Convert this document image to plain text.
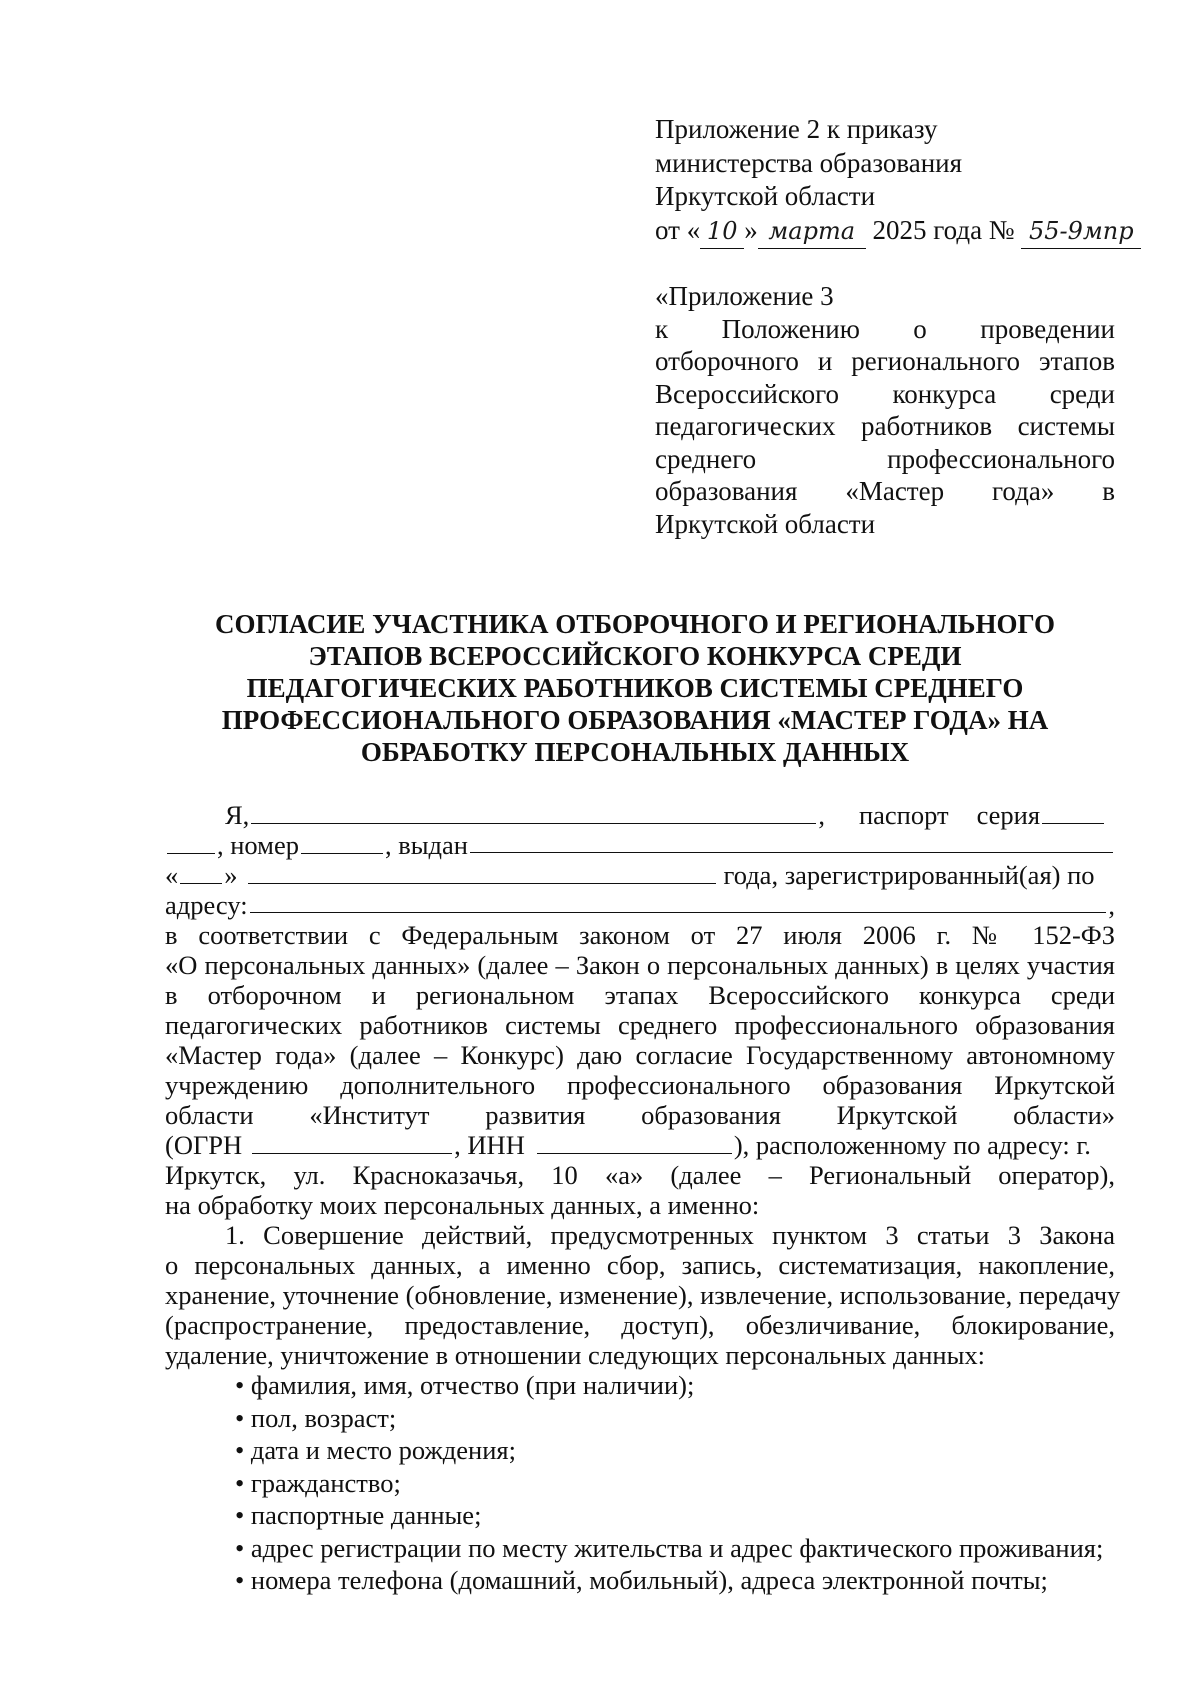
Приложение 2 к приказу
министерства образования
Иркутской области
от « 10 » марта 2025 года № 55-9мпр
«Приложение 3
к Положению о проведении
отборочного и регионального этапов
Всероссийского конкурса среди
педагогических работников системы
среднего профессионального
образования «Мастер года» в
Иркутской области
СОГЛАСИЕ УЧАСТНИКА ОТБОРОЧНОГО И РЕГИОНАЛЬНОГО
ЭТАПОВ ВСЕРОССИЙСКОГО КОНКУРСА СРЕДИ
ПЕДАГОГИЧЕСКИХ РАБОТНИКОВ СИСТЕМЫ СРЕДНЕГО
ПРОФЕССИОНАЛЬНОГО ОБРАЗОВАНИЯ «МАСТЕР ГОДА» НА
ОБРАБОТКУ ПЕРСОНАЛЬНЫХ ДАННЫХ
Я,	, паспорт серия
, номер	, выдан
« »	года, зарегистрированный(ая) по
адресу:	,
в соответствии с Федеральным законом от 27 июля 2006 г. № 152-ФЗ
«О персональных данных» (далее – Закон о персональных данных) в целях участия
в отборочном и региональном этапах Всероссийского конкурса среди
педагогических работников системы среднего профессионального образования
«Мастер года» (далее – Конкурс) даю согласие Государственному автономному
учреждению дополнительного профессионального образования Иркутской
области «Институт развития образования Иркутской области»
(ОГРН	, ИНН	), расположенному по адресу: г.
Иркутск, ул. Красноказачья, 10 «а» (далее – Региональный оператор),
на обработку моих персональных данных, а именно:
1. Совершение действий, предусмотренных пунктом 3 статьи 3 Закона
о персональных данных, а именно сбор, запись, систематизация, накопление,
хранение, уточнение (обновление, изменение), извлечение, использование, передачу
(распространение, предоставление, доступ), обезличивание, блокирование,
удаление, уничтожение в отношении следующих персональных данных:
• фамилия, имя, отчество (при наличии);
• пол, возраст;
• дата и место рождения;
• гражданство;
• паспортные данные;
• адрес регистрации по месту жительства и адрес фактического проживания;
• номера телефона (домашний, мобильный), адреса электронной почты;
